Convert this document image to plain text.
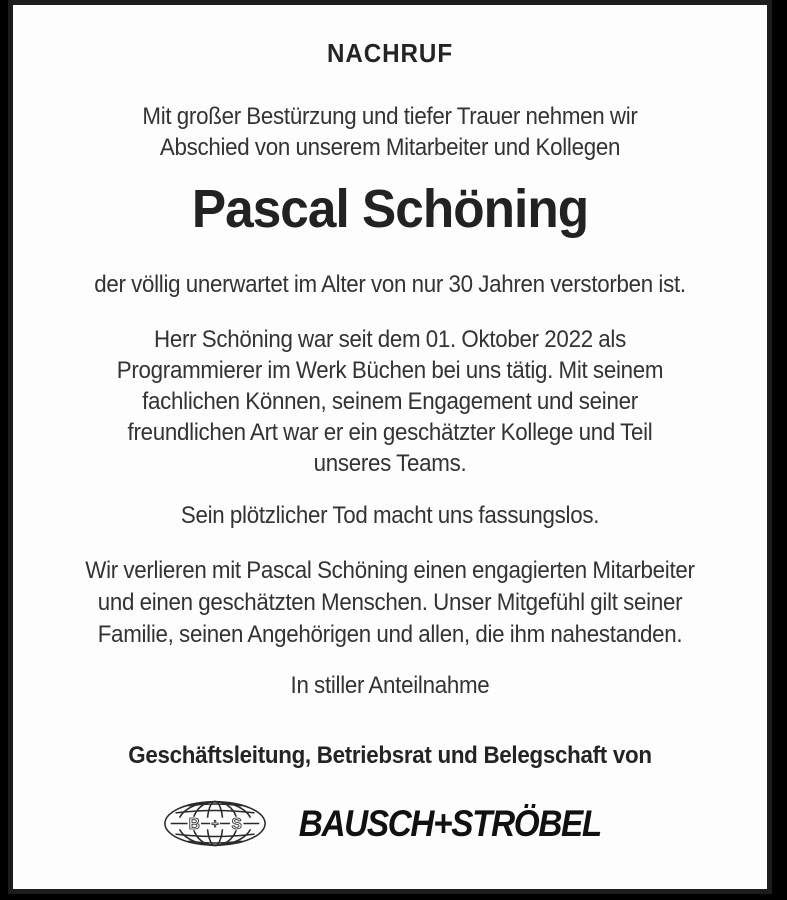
NACHRUF
Mit großer Bestürzung und tiefer Trauer nehmen wir
Abschied von unserem Mitarbeiter und Kollegen
Pascal Schöning
der völlig unerwartet im Alter von nur 30 Jahren verstorben ist.
Herr Schöning war seit dem 01. Oktober 2022 als
Programmierer im Werk Büchen bei uns tätig. Mit seinem
fachlichen Können, seinem Engagement und seiner
freundlichen Art war er ein geschätzter Kollege und Teil
unseres Teams.
Sein plötzlicher Tod macht uns fassungslos.
Wir verlieren mit Pascal Schöning einen engagierten Mitarbeiter
und einen geschätzten Menschen. Unser Mitgefühl gilt seiner
Familie, seinen Angehörigen und allen, die ihm nahestanden.
In stiller Anteilnahme
Geschäftsleitung, Betriebsrat und Belegschaft von
B + S BAUSCH+STRÖBEL
